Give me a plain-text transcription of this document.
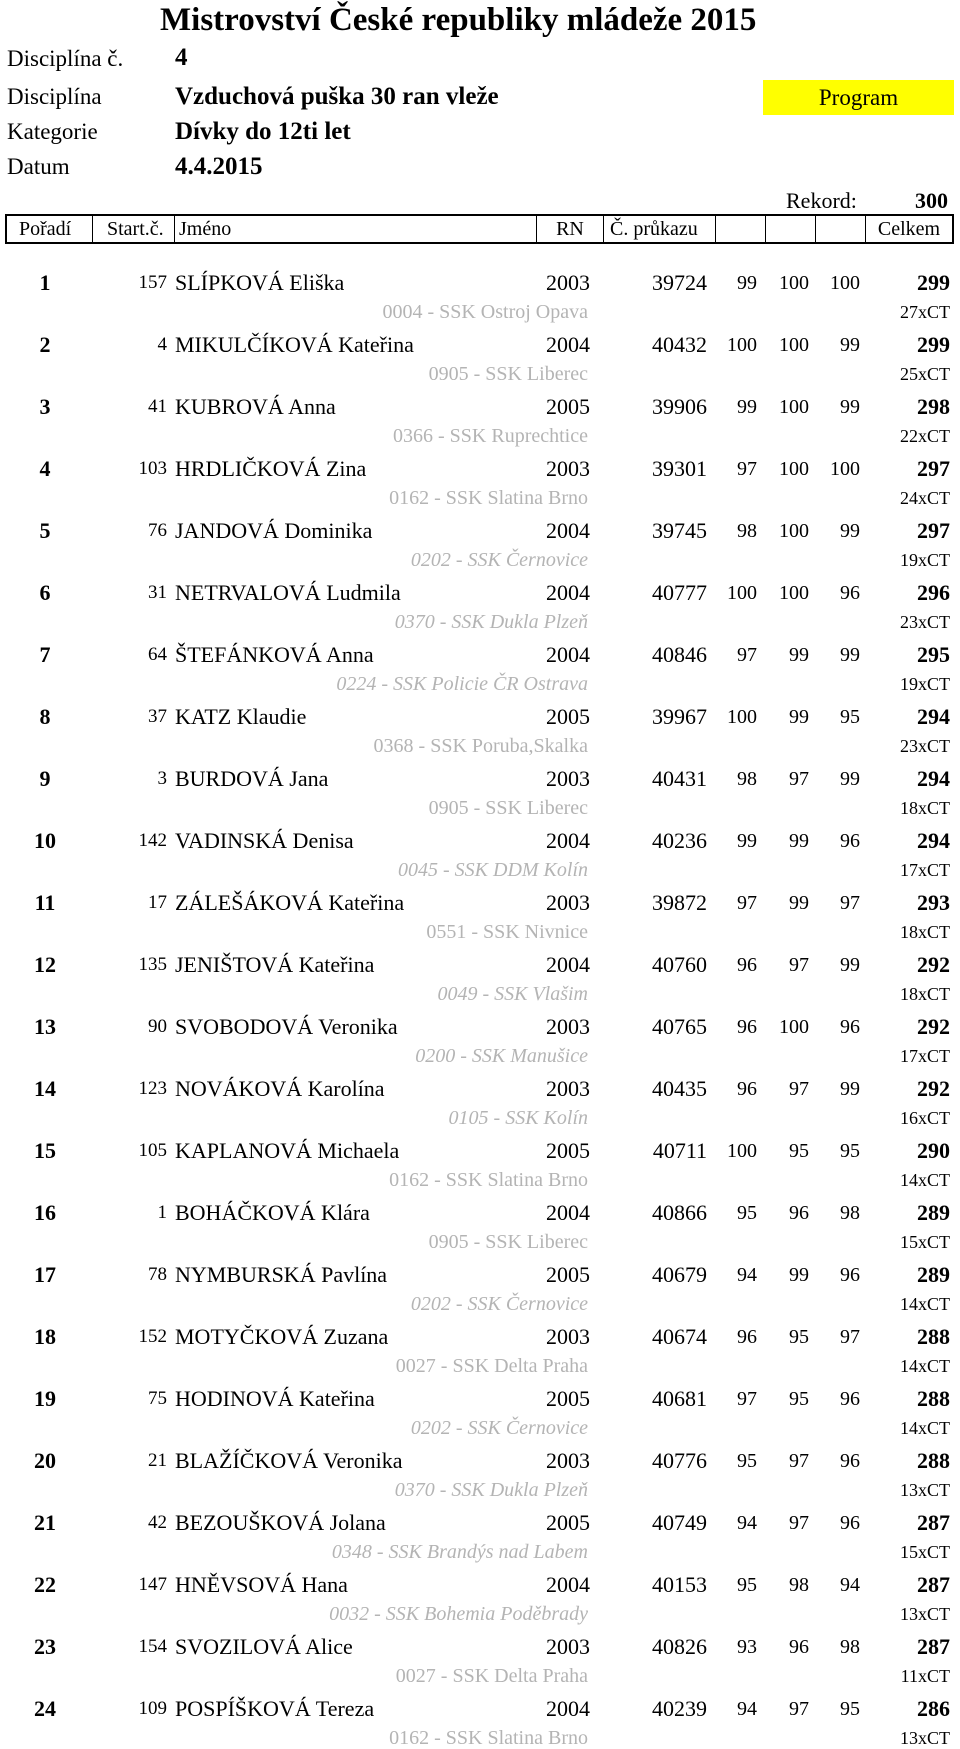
Mistrovství České republiky mládeže 2015
Disciplína č. 4
Disciplína	Vzduchová puška 30 ran vleže
Kategorie	Dívky do 12ti let
Datum	4.4.2015
Program
Rekord:	300
Pořadí	Start.č. Jméno	RN	Č. průkazu	Celkem
1	157 SLÍPKOVÁ Eliška	2003	39724	99	100	100	299
0004 - SSK Ostroj Opava	27xCT
2	4 MIKULČÍKOVÁ Kateřina	2004	40432	100	100	99	299
0905 - SSK Liberec	25xCT
3	41 KUBROVÁ Anna	2005	39906	99	100	99	298
0366 - SSK Ruprechtice	22xCT
4	103 HRDLIČKOVÁ Zina	2003	39301	97	100	100	297
0162 - SSK Slatina Brno	24xCT
5	76 JANDOVÁ Dominika	2004	39745	98	100	99	297
0202 - SSK Černovice	19xCT
6	31 NETRVALOVÁ Ludmila	2004	40777	100	100	96	296
0370 - SSK Dukla Plzeň	23xCT
7	64 ŠTEFÁNKOVÁ Anna	2004	40846	97	99	99	295
0224 - SSK Policie ČR Ostrava	19xCT
8	37 KATZ Klaudie	2005	39967	100	99	95	294
0368 - SSK Poruba,Skalka	23xCT
9	3 BURDOVÁ Jana	2003	40431	98	97	99	294
0905 - SSK Liberec	18xCT
10	142 VADINSKÁ Denisa	2004	40236	99	99	96	294
0045 - SSK DDM Kolín	17xCT
11	17 ZÁLEŠÁKOVÁ Kateřina	2003	39872	97	99	97	293
0551 - SSK Nivnice	18xCT
12	135 JENIŠTOVÁ Kateřina	2004	40760	96	97	99	292
0049 - SSK Vlašim	18xCT
13	90 SVOBODOVÁ Veronika	2003	40765	96	100	96	292
0200 - SSK Manušice	17xCT
14	123 NOVÁKOVÁ Karolína	2003	40435	96	97	99	292
0105 - SSK Kolín	16xCT
15	105 KAPLANOVÁ Michaela	2005	40711	100	95	95	290
0162 - SSK Slatina Brno	14xCT
16	1 BOHÁČKOVÁ Klára	2004	40866	95	96	98	289
0905 - SSK Liberec	15xCT
17	78 NYMBURSKÁ Pavlína	2005	40679	94	99	96	289
0202 - SSK Černovice	14xCT
18	152 MOTYČKOVÁ Zuzana	2003	40674	96	95	97	288
0027 - SSK Delta Praha	14xCT
19	75 HODINOVÁ Kateřina	2005	40681	97	95	96	288
0202 - SSK Černovice	14xCT
20	21 BLAŽÍČKOVÁ Veronika	2003	40776	95	97	96	288
0370 - SSK Dukla Plzeň	13xCT
21	42 BEZOUŠKOVÁ Jolana	2005	40749	94	97	96	287
0348 - SSK Brandýs nad Labem	15xCT
22	147 HNĚVSOVÁ Hana	2004	40153	95	98	94	287
0032 - SSK Bohemia Poděbrady	13xCT
23	154 SVOZILOVÁ Alice	2003	40826	93	96	98	287
0027 - SSK Delta Praha	11xCT
24	109 POSPÍŠKOVÁ Tereza	2004	40239	94	97	95	286
0162 - SSK Slatina Brno	13xCT
